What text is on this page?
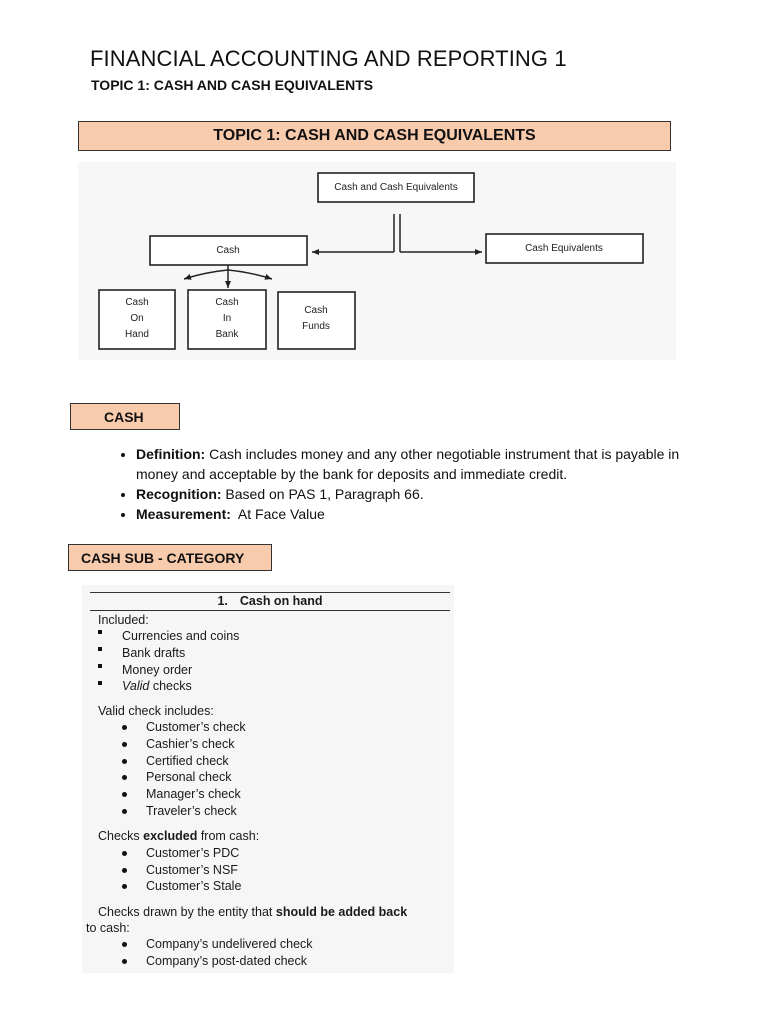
FINANCIAL ACCOUNTING AND REPORTING 1
TOPIC 1: CASH AND CASH EQUIVALENTS
TOPIC 1: CASH AND CASH EQUIVALENTS
Cash and Cash Equivalents
Cash	Cash Equivalents
Cash
On
Hand
Cash
In
Bank
Cash
Funds
CASH
• Definition: Cash includes money and any other negotiable instrument that is payable in money and acceptable by the bank for deposits and immediate credit.
• Recognition: Based on PAS 1, Paragraph 66.
• Measurement:  At Face Value
CASH SUB - CATEGORY
1. Cash on hand
Included:
Currencies and coins
Bank drafts
Money order
Valid checks
Valid check includes:
Customer’s check
Cashier’s check
Certified check
Personal check
Manager’s check
Traveler’s check
Checks excluded from cash:
Customer’s PDC
Customer’s NSF
Customer’s Stale
Checks drawn by the entity that should be added back
to cash:
Company’s undelivered check
Company’s post-dated check
